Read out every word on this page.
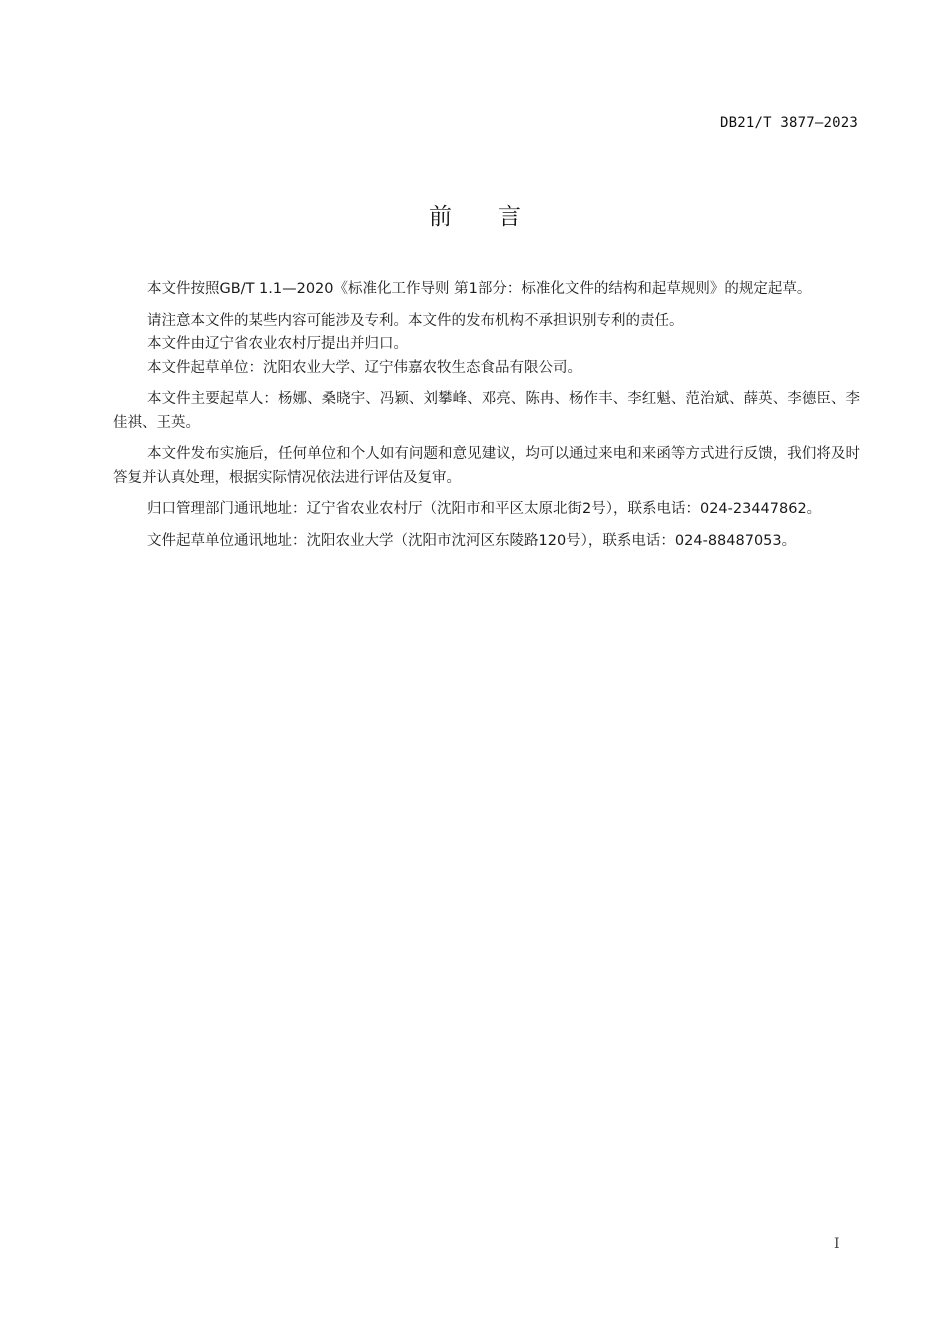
DB21/T 3877—2023
前言

本文件按照GB/T 1.1—2020《标准化工作导则 第1部分：标准化文件的结构和起草规则》的规定起草。

请注意本文件的某些内容可能涉及专利。本文件的发布机构不承担识别专利的责任。

本文件由辽宁省农业农村厅提出并归口。

本文件起草单位：沈阳农业大学、辽宁伟嘉农牧生态食品有限公司。

本文件主要起草人：杨娜、桑晓宇、冯颖、刘攀峰、邓亮、陈冉、杨作丰、李红魁、范治斌、薛英、李德臣、李佳祺、王英。

本文件发布实施后，任何单位和个人如有问题和意见建议，均可以通过来电和来函等方式进行反馈，我们将及时答复并认真处理，根据实际情况依法进行评估及复审。

归口管理部门通讯地址：辽宁省农业农村厅（沈阳市和平区太原北街2号），联系电话：024-23447862。

文件起草单位通讯地址：沈阳农业大学（沈阳市沈河区东陵路120号），联系电话：024-88487053。

I
